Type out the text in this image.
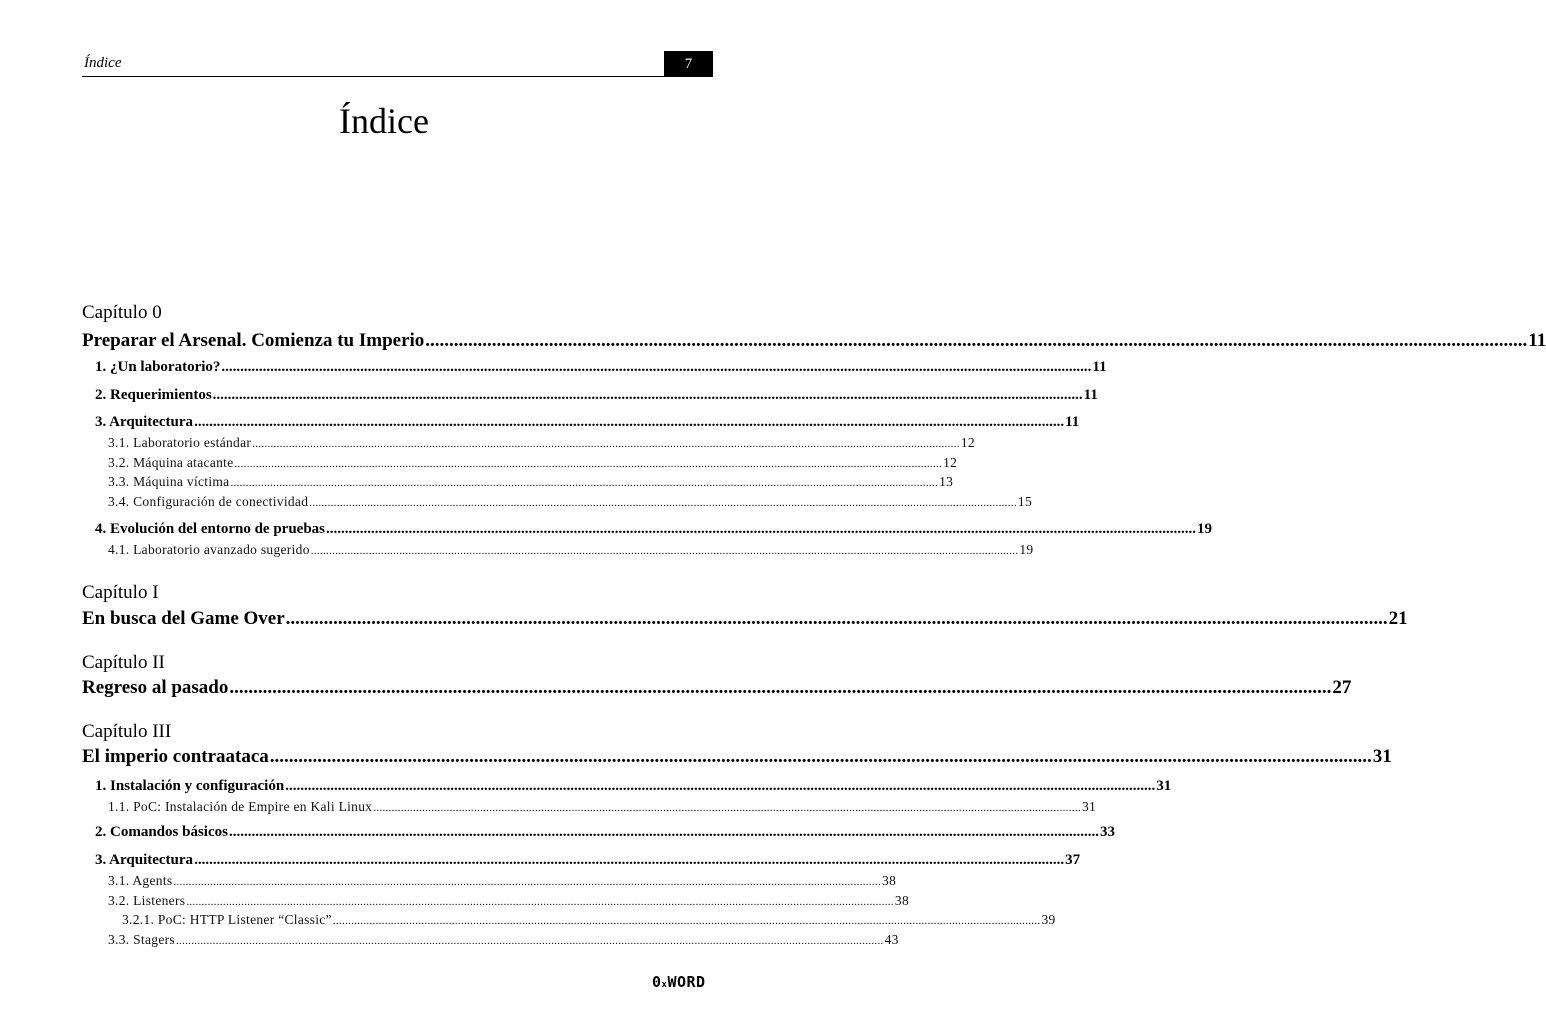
Índice	7
Índice
Capítulo 0
Preparar el Arsenal. Comienza tu Imperio ........................................................................................................................................................................................................................................ 11
1. ¿Un laboratorio? ........................................................................................................................................................................................................................................ 11
2. Requerimientos ........................................................................................................................................................................................................................................ 11
3. Arquitectura ........................................................................................................................................................................................................................................ 11
3.1. Laboratorio estándar ........................................................................................................................................................................................................................................ 12
3.2. Máquina atacante ........................................................................................................................................................................................................................................ 12
3.3. Máquina víctima ........................................................................................................................................................................................................................................ 13
3.4. Configuración de conectividad ........................................................................................................................................................................................................................................ 15
4. Evolución del entorno de pruebas ........................................................................................................................................................................................................................................ 19
4.1. Laboratorio avanzado sugerido ........................................................................................................................................................................................................................................ 19
Capítulo I
En busca del Game Over ........................................................................................................................................................................................................................................ 21
Capítulo II
Regreso al pasado ........................................................................................................................................................................................................................................ 27
Capítulo III
El imperio contraataca ........................................................................................................................................................................................................................................ 31
1. Instalación y configuración ........................................................................................................................................................................................................................................ 31
1.1. PoC: Instalación de Empire en Kali Linux ........................................................................................................................................................................................................................................ 31
2. Comandos básicos ........................................................................................................................................................................................................................................ 33
3. Arquitectura ........................................................................................................................................................................................................................................ 37
3.1. Agents ........................................................................................................................................................................................................................................ 38
3.2. Listeners ........................................................................................................................................................................................................................................ 38
3.2.1. PoC: HTTP Listener “Classic” ........................................................................................................................................................................................................................................ 39
3.3. Stagers ........................................................................................................................................................................................................................................ 43
0xWORD
